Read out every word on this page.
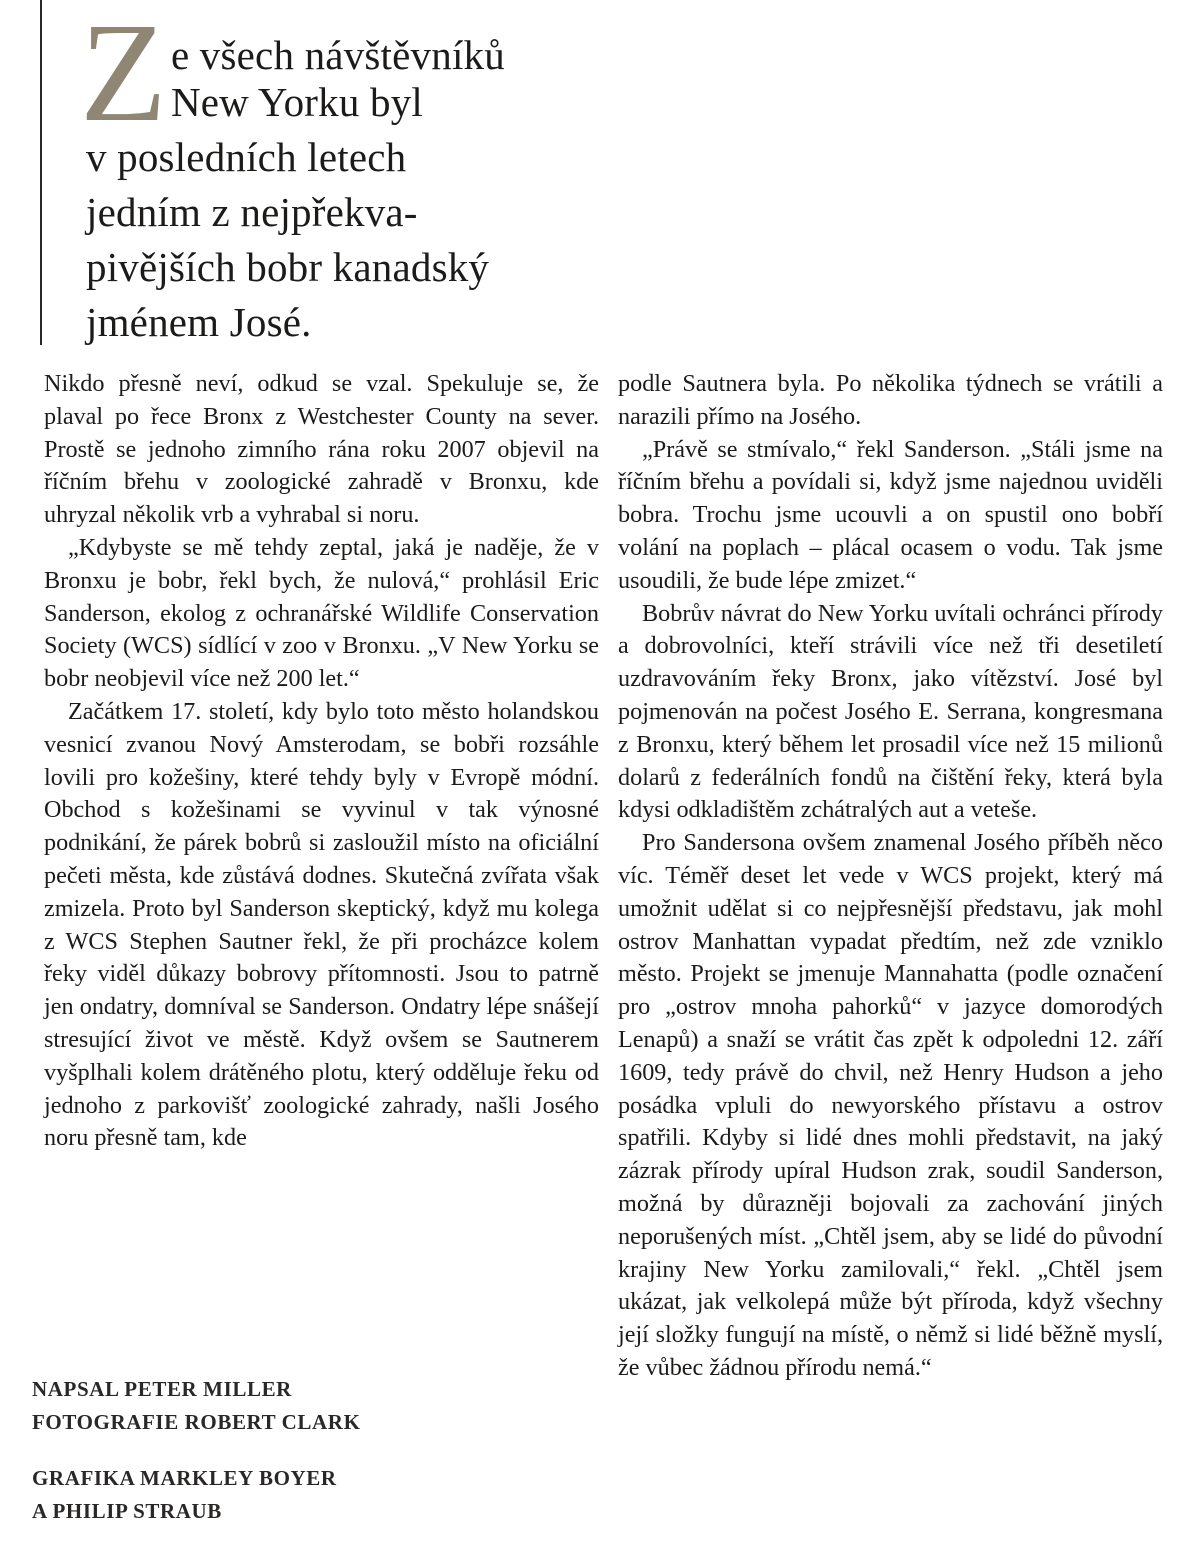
Z e všech návštěvníků
New Yorku byl
v posledních letech
jedním z nejpřekva-
pivějších bobr kanadský
jménem José.

Nikdo přesně neví, odkud se vzal. Spekuluje se, že plaval po řece Bronx z Westchester County na sever. Prostě se jednoho zimního rána roku 2007 objevil na říčním břehu v zoologické zahradě v Bronxu, kde uhryzal několik vrb a vyhrabal si noru.

„Kdybyste se mě tehdy zeptal, jaká je naděje, že v Bronxu je bobr, řekl bych, že nulová,“ prohlásil Eric Sanderson, ekolog z ochranářské Wildlife Conservation Society (WCS) sídlící v zoo v Bronxu. „V New Yorku se bobr neobjevil více než 200 let.“

Začátkem 17. století, kdy bylo toto město holandskou vesnicí zvanou Nový Amsterodam, se bobři rozsáhle lovili pro kožešiny, které tehdy byly v Evropě módní. Obchod s kožešinami se vyvinul v tak výnosné podnikání, že párek bobrů si zasloužil místo na oficiální pečeti města, kde zůstává dodnes. Skutečná zvířata však zmizela. Proto byl Sanderson skeptický, když mu kolega z WCS Stephen Sautner řekl, že při procházce kolem řeky viděl důkazy bobrovy přítomnosti. Jsou to patrně jen ondatry, domníval se Sanderson. Ondatry lépe snášejí stresující život ve městě. Když ovšem se Sautnerem vyšplhali kolem drátěného plotu, který odděluje řeku od jednoho z parkovišť zoologické zahrady, našli Josého noru přesně tam, kde

podle Sautnera byla. Po několika týdnech se vrátili a narazili přímo na Josého.

„Právě se stmívalo,“ řekl Sanderson. „Stáli jsme na říčním břehu a povídali si, když jsme najednou uviděli bobra. Trochu jsme ucouvli a on spustil ono bobří volání na poplach – plácal ocasem o vodu. Tak jsme usoudili, že bude lépe zmizet.“

Bobrův návrat do New Yorku uvítali ochránci přírody a dobrovolníci, kteří strávili více než tři desetiletí uzdravováním řeky Bronx, jako vítězství. José byl pojmenován na počest Josého E. Serrana, kongresmana z Bronxu, který během let prosadil více než 15 milionů dolarů z federálních fondů na čištění řeky, která byla kdysi odkladištěm zchátralých aut a veteše.

Pro Sandersona ovšem znamenal Josého příběh něco víc. Téměř deset let vede v WCS projekt, který má umožnit udělat si co nejpřesnější představu, jak mohl ostrov Manhattan vypadat předtím, než zde vzniklo město. Projekt se jmenuje Mannahatta (podle označení pro „ostrov mnoha pahorků“ v jazyce domorodých Lenapů) a snaží se vrátit čas zpět k odpoledni 12. září 1609, tedy právě do chvil, než Henry Hudson a jeho posádka vpluli do newyorského přístavu a ostrov spatřili. Kdyby si lidé dnes mohli představit, na jaký zázrak přírody upíral Hudson zrak, soudil Sanderson, možná by důrazněji bojovali za zachování jiných neporušených míst. „Chtěl jsem, aby se lidé do původní krajiny New Yorku zamilovali,“ řekl. „Chtěl jsem ukázat, jak velkolepá může být příroda, když všechny její složky fungují na místě, o němž si lidé běžně myslí, že vůbec žádnou přírodu nemá.“

NAPSAL PETER MILLER
FOTOGRAFIE ROBERT CLARK
GRAFIKA MARKLEY BOYER
A PHILIP STRAUB
